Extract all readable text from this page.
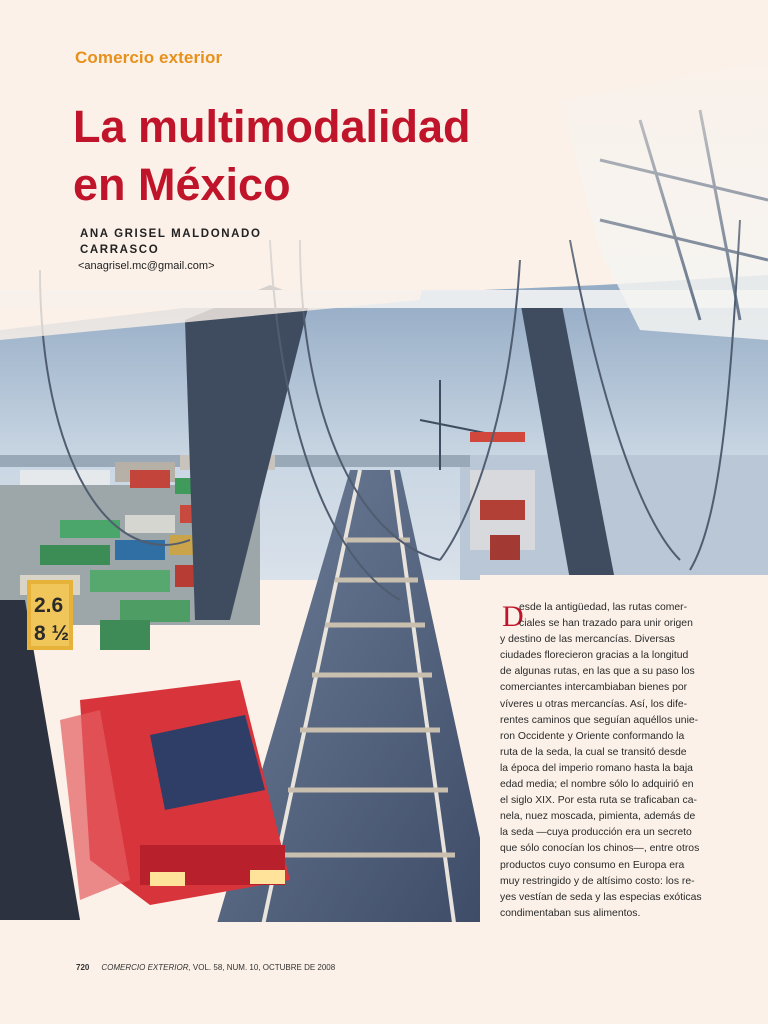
2.6
8 ½
Comercio exterior
La multimodalidad
en México
ANA GRISEL MALDONADO
CARRASCO
<anagrisel.mc@gmail.com>
D
esde la antigüedad, las rutas comer-
ciales se han trazado para unir origen
y destino de las mercancías. Diversas
ciudades florecieron gracias a la longitud
de algunas rutas, en las que a su paso los
comerciantes intercambiaban bienes por
víveres u otras mercancías. Así, los dife-
rentes caminos que seguían aquéllos unie-
ron Occidente y Oriente conformando la
ruta de la seda, la cual se transitó desde
la época del imperio romano hasta la baja
edad media; el nombre sólo lo adquirió en
el siglo XIX. Por esta ruta se traficaban ca-
nela, nuez moscada, pimienta, además de
la seda —cuya producción era un secreto
que sólo conocían los chinos—, entre otros
productos cuyo consumo en Europa era
muy restringido y de altísimo costo: los re-
yes vestían de seda y las especias exóticas
condimentaban sus alimentos.
720 COMERCIO EXTERIOR, VOL. 58, NUM. 10, OCTUBRE DE 2008
